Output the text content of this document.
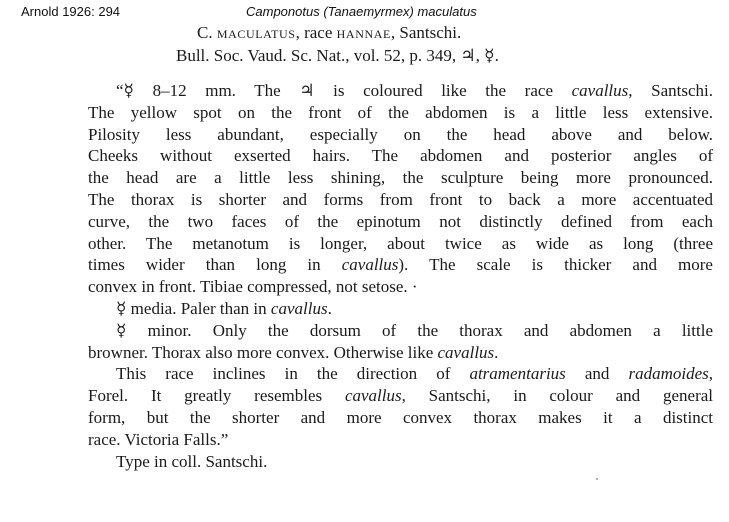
Arnold 1926: 294	Camponotus (Tanaemyrmex) maculatus
C. MACULATUS, race HANNAE, Santschi.
Bull. Soc. Vaud. Sc. Nat., vol. 52, p. 349, ♃, ☿.
“☿ 8–12 mm. The ♃ is coloured like the race cavallus, Santschi.
The yellow spot on the front of the abdomen is a little less extensive.
Pilosity less abundant, especially on the head above and below.
Cheeks without exserted hairs. The abdomen and posterior angles of
the head are a little less shining, the sculpture being more pronounced.
The thorax is shorter and forms from front to back a more accentuated
curve, the two faces of the epinotum not distinctly defined from each
other. The metanotum is longer, about twice as wide as long (three
times wider than long in cavallus). The scale is thicker and more
convex in front. Tibiae compressed, not setose. ·
☿ media. Paler than in cavallus.
☿ minor. Only the dorsum of the thorax and abdomen a little
browner. Thorax also more convex. Otherwise like cavallus.
This race inclines in the direction of atramentarius and radamoides,
Forel. It greatly resembles cavallus, Santschi, in colour and general
form, but the shorter and more convex thorax makes it a distinct
race. Victoria Falls.”
Type in coll. Santschi.
